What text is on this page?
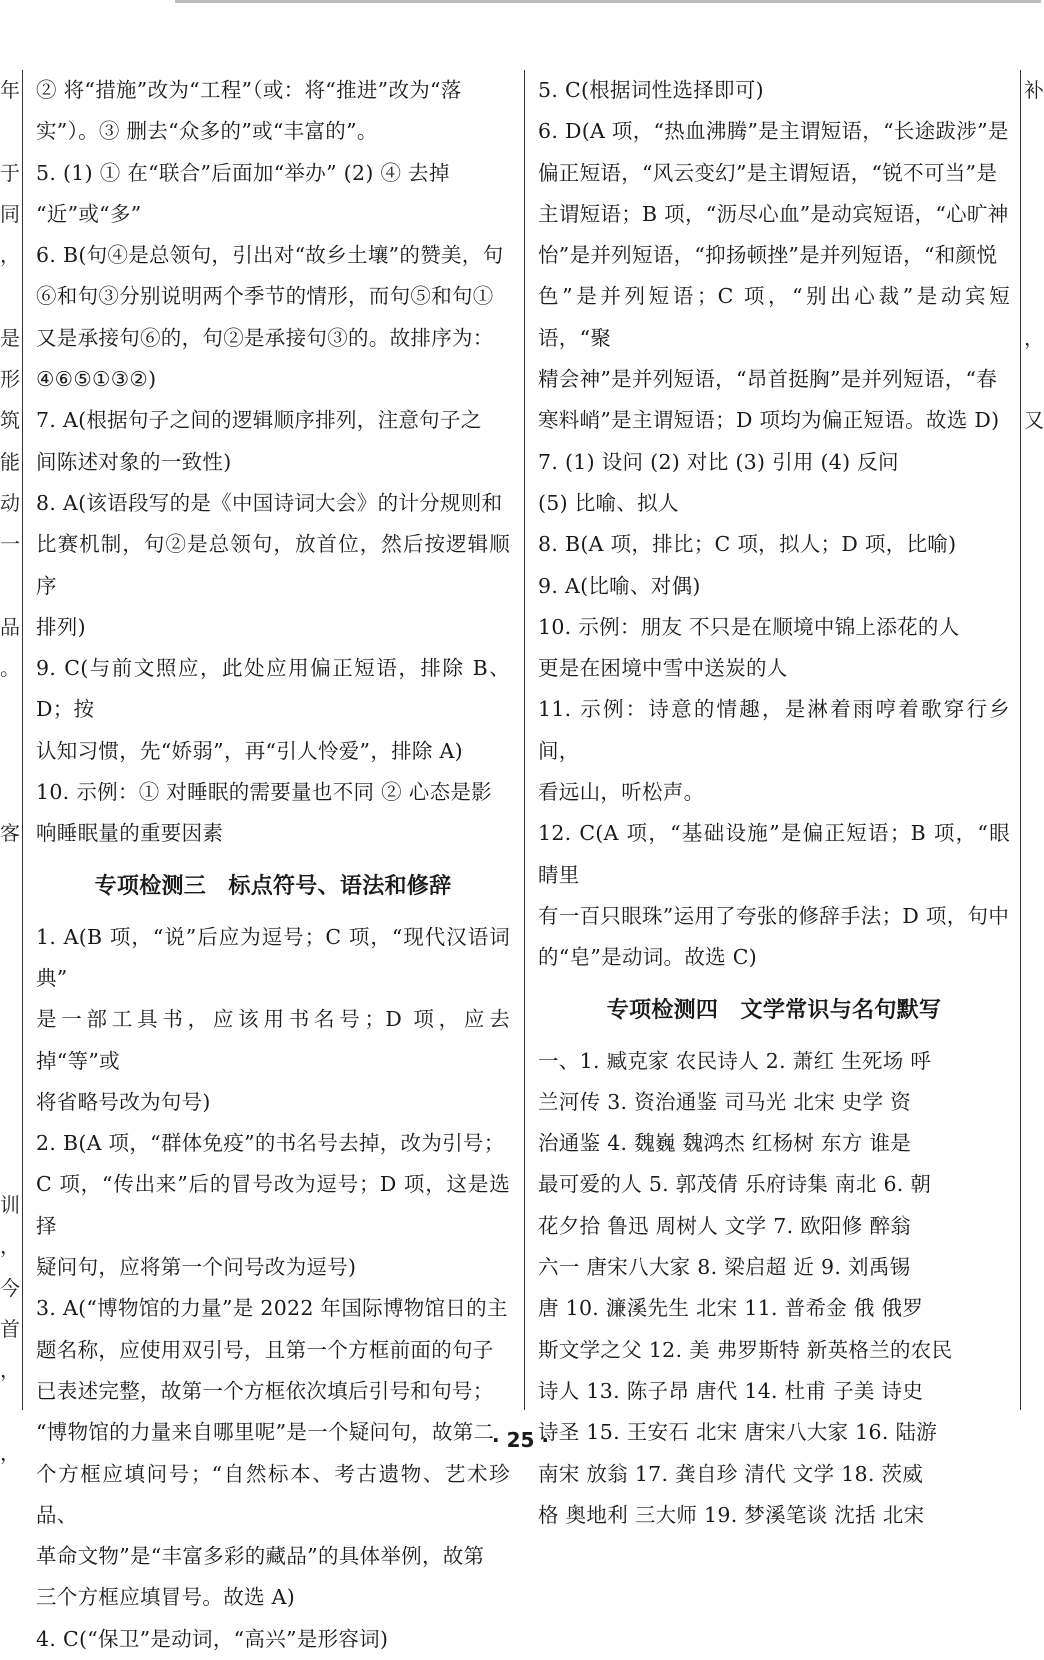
年

于
同
，

是
形
筑
能
动
一

品
。

客

训
，
今
首
，

，

② 将“措施”改为“工程”（或：将“推进”改为“落

实”）。③ 删去“众多的”或“丰富的”。

5. (1) ① 在“联合”后面加“举办” (2) ④ 去掉

“近”或“多”

6. B(句④是总领句，引出对“故乡土壤”的赞美，句

⑥和句③分别说明两个季节的情形，而句⑤和句①

又是承接句⑥的，句②是承接句③的。故排序为：

④⑥⑤①③②)

7. A(根据句子之间的逻辑顺序排列，注意句子之

间陈述对象的一致性)

8. A(该语段写的是《中国诗词大会》的计分规则和

比赛机制，句②是总领句，放首位，然后按逻辑顺序

排列)

9. C(与前文照应，此处应用偏正短语，排除 B、D；按

认知习惯，先“娇弱”，再“引人怜爱”，排除 A)

10. 示例：① 对睡眠的需要量也不同 ② 心态是影

响睡眠量的重要因素

专项检测三　标点符号、语法和修辞

1. A(B 项，“说”后应为逗号；C 项，“现代汉语词典”

是一部工具书，应该用书名号；D 项，应去掉“等”或

将省略号改为句号)

2. B(A 项，“群体免疫”的书名号去掉，改为引号；

C 项，“传出来”后的冒号改为逗号；D 项，这是选择

疑问句，应将第一个问号改为逗号)

3. A(“博物馆的力量”是 2022 年国际博物馆日的主

题名称，应使用双引号，且第一个方框前面的句子

已表述完整，故第一个方框依次填后引号和句号；

“博物馆的力量来自哪里呢”是一个疑问句，故第二

个方框应填问号；“自然标本、考古遗物、艺术珍品、

革命文物”是“丰富多彩的藏品”的具体举例，故第

三个方框应填冒号。故选 A)

4. C(“保卫”是动词，“高兴”是形容词)

5. C(根据词性选择即可)

6. D(A 项，“热血沸腾”是主谓短语，“长途跋涉”是

偏正短语，“风云变幻”是主谓短语，“锐不可当”是

主谓短语；B 项，“沥尽心血”是动宾短语，“心旷神

怡”是并列短语，“抑扬顿挫”是并列短语，“和颜悦

色”是并列短语；C 项，“别出心裁”是动宾短语，“聚

精会神”是并列短语，“昂首挺胸”是并列短语，“春

寒料峭”是主谓短语；D 项均为偏正短语。故选 D)

7. (1) 设问 (2) 对比 (3) 引用 (4) 反问

(5) 比喻、拟人

8. B(A 项，排比；C 项，拟人；D 项，比喻)

9. A(比喻、对偶)

10. 示例：朋友 不只是在顺境中锦上添花的人

更是在困境中雪中送炭的人

11. 示例：诗意的情趣，是淋着雨哼着歌穿行乡间，

看远山，听松声。

12. C(A 项，“基础设施”是偏正短语；B 项，“眼睛里

有一百只眼珠”运用了夸张的修辞手法；D 项，句中

的“皂”是动词。故选 C)

专项检测四　文学常识与名句默写

一、1. 臧克家 农民诗人 2. 萧红 生死场 呼

兰河传 3. 资治通鉴 司马光 北宋 史学 资

治通鉴 4. 魏巍 魏鸿杰 红杨树 东方 谁是

最可爱的人 5. 郭茂倩 乐府诗集 南北 6. 朝

花夕拾 鲁迅 周树人 文学 7. 欧阳修 醉翁

六一 唐宋八大家 8. 梁启超 近 9. 刘禹锡

唐 10. 濂溪先生 北宋 11. 普希金 俄 俄罗

斯文学之父 12. 美 弗罗斯特 新英格兰的农民

诗人 13. 陈子昂 唐代 14. 杜甫 子美 诗史

诗圣 15. 王安石 北宋 唐宋八大家 16. 陆游

南宋 放翁 17. 龚自珍 清代 文学 18. 茨威

格 奥地利 三大师 19. 梦溪笔谈 沈括 北宋

补

，

又

· 25 ·
